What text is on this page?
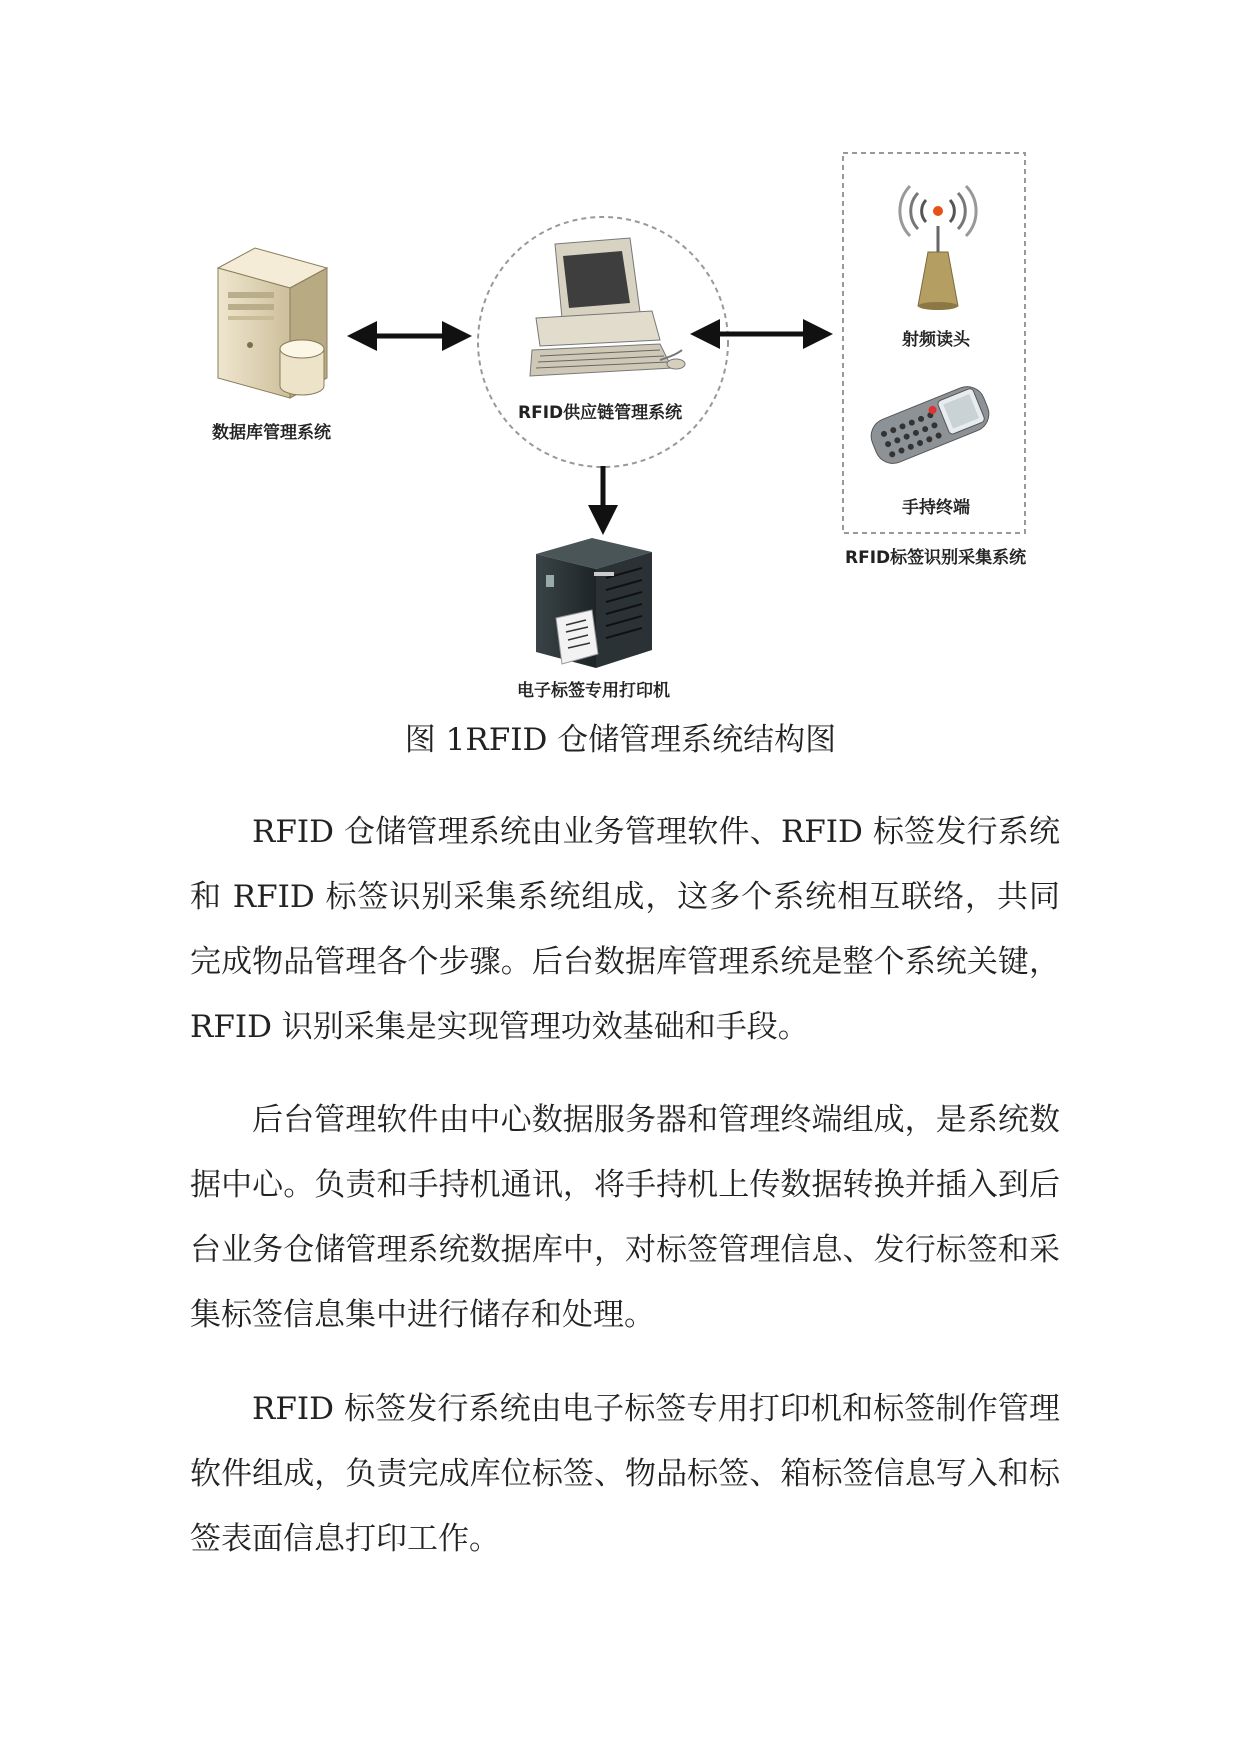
数据库管理系统
RFID供应链管理系统
射频读头
手持终端
RFID标签识别采集系统
电子标签专用打印机
图 1RFID 仓储管理系统结构图

RFID 仓储管理系统由业务管理软件、RFID 标签发行系统和 RFID 标签识别采集系统组成，这多个系统相互联络，共同完成物品管理各个步骤。后台数据库管理系统是整个系统关键，RFID 识别采集是实现管理功效基础和手段。

后台管理软件由中心数据服务器和管理终端组成，是系统数据中心。负责和手持机通讯，将手持机上传数据转换并插入到后台业务仓储管理系统数据库中，对标签管理信息、发行标签和采集标签信息集中进行储存和处理。

RFID 标签发行系统由电子标签专用打印机和标签制作管理软件组成，负责完成库位标签、物品标签、箱标签信息写入和标签表面信息打印工作。
